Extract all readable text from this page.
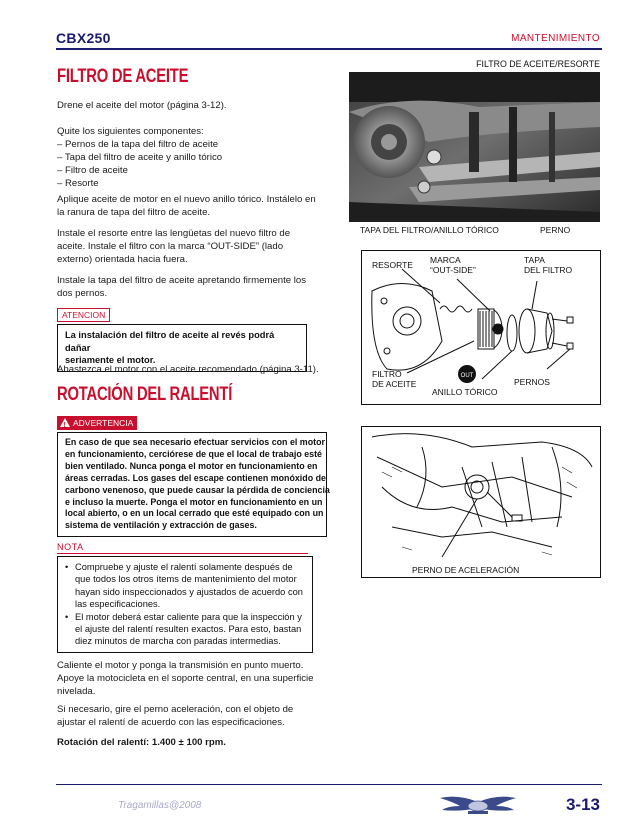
CBX250	MANTENIMIENTO
FILTRO DE ACEITE
Drene el aceite del motor (página 3-12).
Quite los siguientes componentes:
– Pernos de la tapa del filtro de aceite
– Tapa del filtro de aceite y anillo tórico
– Filtro de aceite
– Resorte
Aplique aceite de motor en el nuevo anillo tórico. Instálelo en
la ranura de tapa del filtro de aceite.
Instale el resorte entre las lengüetas del nuevo filtro de
aceite. Instale el filtro con la marca “OUT-SIDE” (lado
externo) orientada hacia fuera.
Instale la tapa del filtro de aceite apretando firmemente los
dos pernos.
ATENCION
La instalación del filtro de aceite al revés podrá dañar
seriamente el motor.
Abastezca el motor con el aceite recomendado (página 3-11).
ROTACIÓN DEL RALENTÍ
!
ADVERTENCIA
En caso de que sea necesario efectuar servicios con el motor
en funcionamiento, cerciórese de que el local de trabajo esté
bien ventilado. Nunca ponga el motor en funcionamiento en
áreas cerradas. Los gases del escape contienen monóxido de
carbono venenoso, que puede causar la pérdida de conciencia
e incluso la muerte. Ponga el motor en funcionamiento en un
local abierto, o en un local cerrado que esté equipado con un
sistema de ventilación y extracción de gases.
NOTA
• Compruebe y ajuste el ralentí solamente después de
que todos los otros ítems de mantenimiento del motor
hayan sido inspeccionados y ajustados de acuerdo con
las especificaciones.
• El motor deberá estar caliente para que la inspección y
el ajuste del ralentí resulten exactos. Para esto, bastan
diez minutos de marcha con paradas intermedias.
Caliente el motor y ponga la transmisión en punto muerto.
Apoye la motocicleta en el soporte central, en una superficie
nivelada.
Si necesario, gire el perno aceleración, con el objeto de
ajustar el ralentí de acuerdo con las especificaciones.
Rotación del ralentí: 1.400 ± 100 rpm.
FILTRO DE ACEITE/RESORTE
TAPA DEL FILTRO/ANILLO TÓRICO	PERNO
OUT
RESORTE MARCA
“OUT-SIDE”
TAPA
DEL FILTRO
FILTRO
DE ACEITE
ANILLO TÓRICO
PERNOS
PERNO DE ACELERACIÓN
Tragamillas@2008	3-13
